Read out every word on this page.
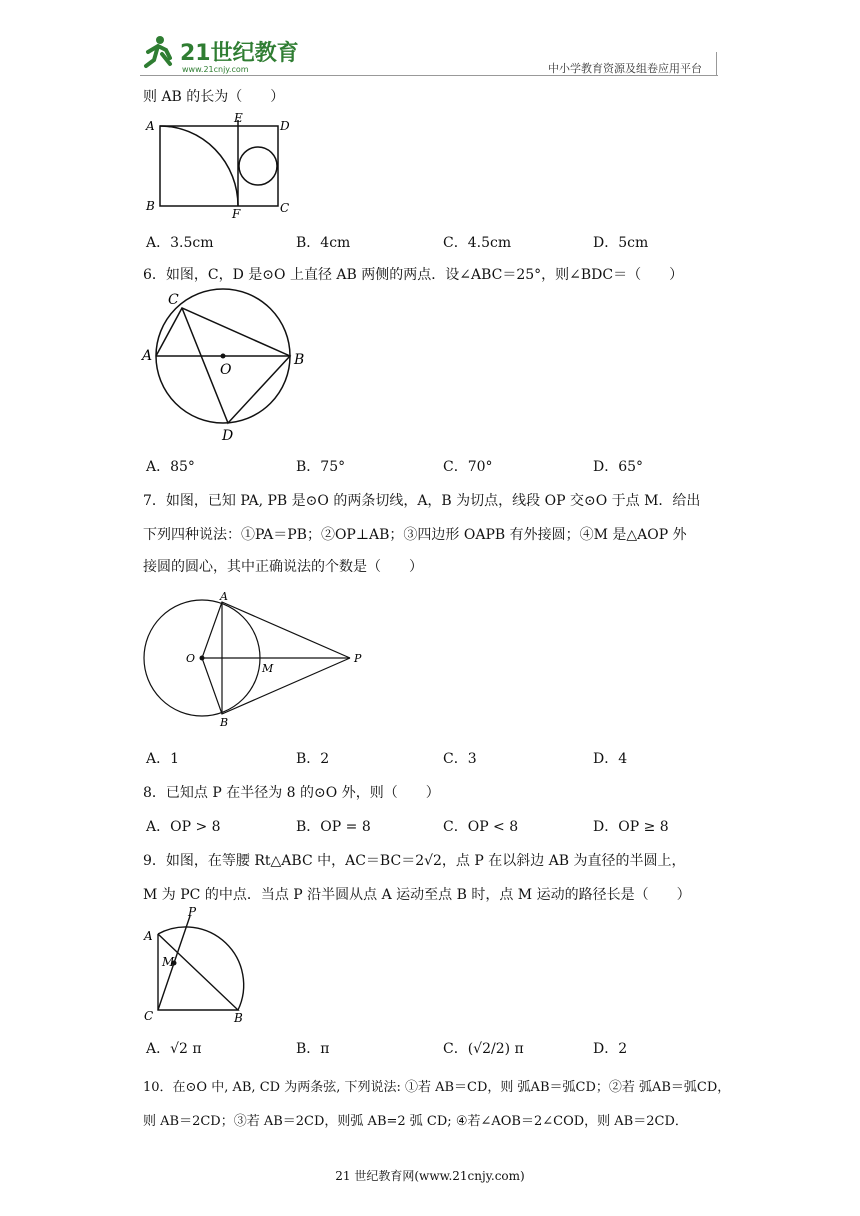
21世纪教育
www.21cnjy.com	中小学教育资源及组卷应用平台
则 AB 的长为（　　）
A
B	C
D
E
F
A．3.5cm	B．4cm	C．4.5cm	D．5cm
6．如图，C，D 是⊙O 上直径 AB 两侧的两点．设∠ABC＝25°，则∠BDC＝（　　）
C
A	B
O
D
A．85°	B．75°	C．70°	D．65°
7．如图，已知 PA, PB 是⊙O 的两条切线，A，B 为切点，线段 OP 交⊙O 于点 M．给出
下列四种说法：①PA＝PB；②OP⊥AB；③四边形 OAPB 有外接圆；④M 是△AOP 外
接圆的圆心，其中正确说法的个数是（　　）
A
B
O
M
P
A．1	B．2	C．3	D．4
8．已知点 P 在半径为 8 的⊙O 外，则（　　）
A．OP > 8	B．OP = 8	C．OP < 8	D．OP ≥ 8
9．如图，在等腰 Rt△ABC 中，AC＝BC＝2√2，点 P 在以斜边 AB 为直径的半圆上，
M 为 PC 的中点．当点 P 沿半圆从点 A 运动至点 B 时，点 M 运动的路径长是（　　）
A
C	B
P
M
A．√2 π	B．π	C．(√2/2) π	D．2
10．在⊙O 中, AB, CD 为两条弦, 下列说法: ①若 AB＝CD，则 弧AB＝弧CD；②若 弧AB＝弧CD，
则 AB＝2CD；③若 AB＝2CD，则弧 AB=2 弧 CD; ④若∠AOB＝2∠COD，则 AB＝2CD．
21 世纪教育网(www.21cnjy.com)
